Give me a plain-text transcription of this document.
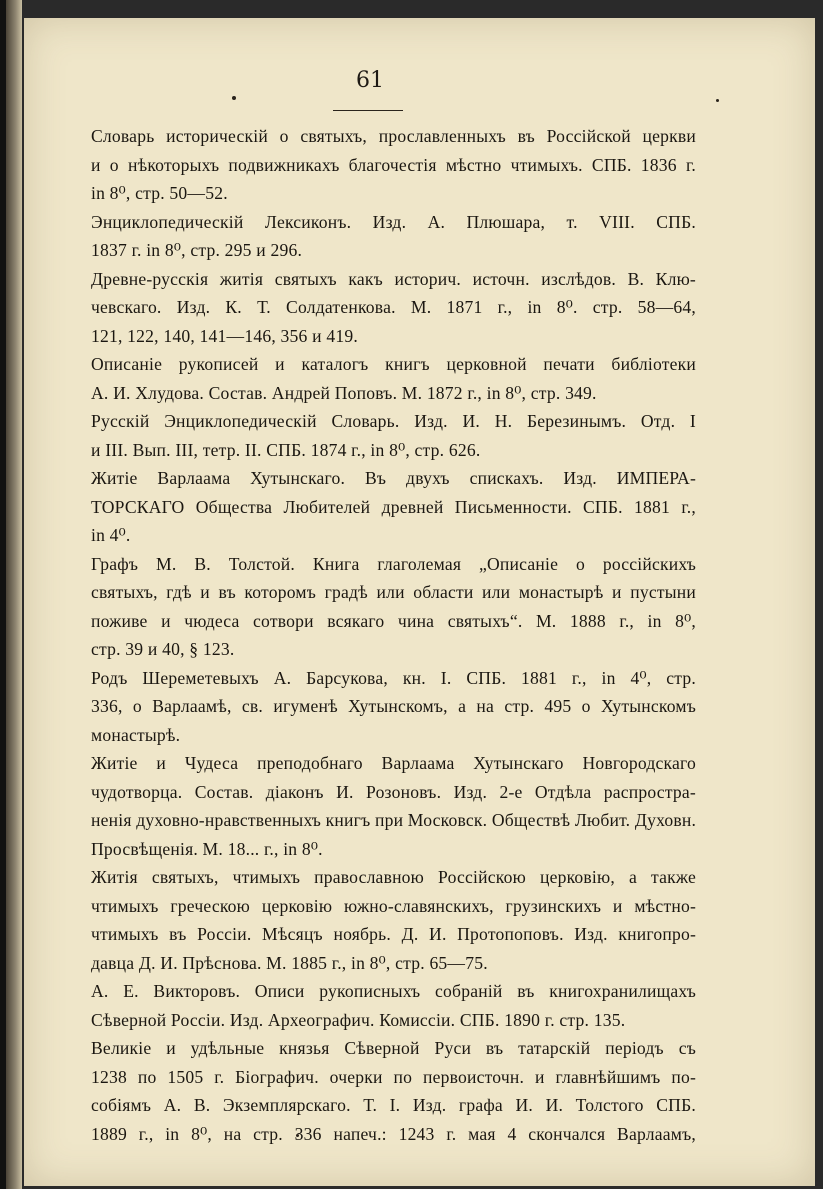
61
Словарь историческій о святыхъ, прославленныхъ въ Россійской церкви
и о нѣкоторыхъ подвижникахъ благочестія мѣстно чтимыхъ. СПБ. 1836 г.
in 8⁰, стр. 50—52.
Энциклопедическій Лексиконъ. Изд. А. Плюшара, т. VIII. СПБ.
1837 г. in 8⁰, стр. 295 и 296.
Древне-русскія житія святыхъ какъ историч. источн. изслѣдов. В. Клю-
чевскаго. Изд. К. Т. Солдатенкова. М. 1871 г., in 8⁰. стр. 58—64,
121, 122, 140, 141—146, 356 и 419.
Описаніе рукописей и каталогъ книгъ церковной печати библіотеки
А. И. Хлудова. Состав. Андрей Поповъ. М. 1872 г., in 8⁰, стр. 349.
Русскій Энциклопедическій Словарь. Изд. И. Н. Березинымъ. Отд. I
и III. Вып. III, тетр. II. СПБ. 1874 г., in 8⁰, стр. 626.
Житіе Варлаама Хутынскаго. Въ двухъ спискахъ. Изд. ИМПЕРА-
ТОРСКАГО Общества Любителей древней Письменности. СПБ. 1881 г.,
in 4⁰.
Графъ М. В. Толстой. Книга глаголемая „Описаніе о россійскихъ
святыхъ, гдѣ и въ которомъ градѣ или области или монастырѣ и пустыни
поживе и чюдеса сотвори всякаго чина святыхъ“. М. 1888 г., in 8⁰,
стр. 39 и 40, § 123.
Родъ Шереметевыхъ А. Барсукова, кн. I. СПБ. 1881 г., in 4⁰, стр.
336, о Варлаамѣ, св. игуменѣ Хутынскомъ, а на стр. 495 о Хутынскомъ
монастырѣ.
Житіе и Чудеса преподобнаго Варлаама Хутынскаго Новгородскаго
чудотворца. Состав. діаконъ И. Розоновъ. Изд. 2-е Отдѣла распростра-
ненія духовно-нравственныхъ книгъ при Московск. Обществѣ Любит. Духовн.
Просвѣщенія. М. 18... г., in 8⁰.
Житія святыхъ, чтимыхъ православною Россійскою церковію, а также
чтимыхъ греческою церковію южно-славянскихъ, грузинскихъ и мѣстно-
чтимыхъ въ Россіи. Мѣсяцъ ноябрь. Д. И. Протопоповъ. Изд. книгопро-
давца Д. И. Прѣснова. М. 1885 г., in 8⁰, стр. 65—75.
А. Е. Викторовъ. Описи рукописныхъ собраній въ книгохранилищахъ
Сѣверной Россіи. Изд. Археографич. Комиссіи. СПБ. 1890 г. стр. 135.
Великіе и удѣльные князья Сѣверной Руси въ татарскій періодъ съ
1238 по 1505 г. Біографич. очерки по первоисточн. и главнѣйшимъ по-
собіямъ А. В. Экземплярскаго. Т. I. Изд. графа И. И. Толстого СПБ.
1889 г., in 8⁰, на стр. 336 напеч.: 1243 г. мая 4 скончался Варлаамъ,
